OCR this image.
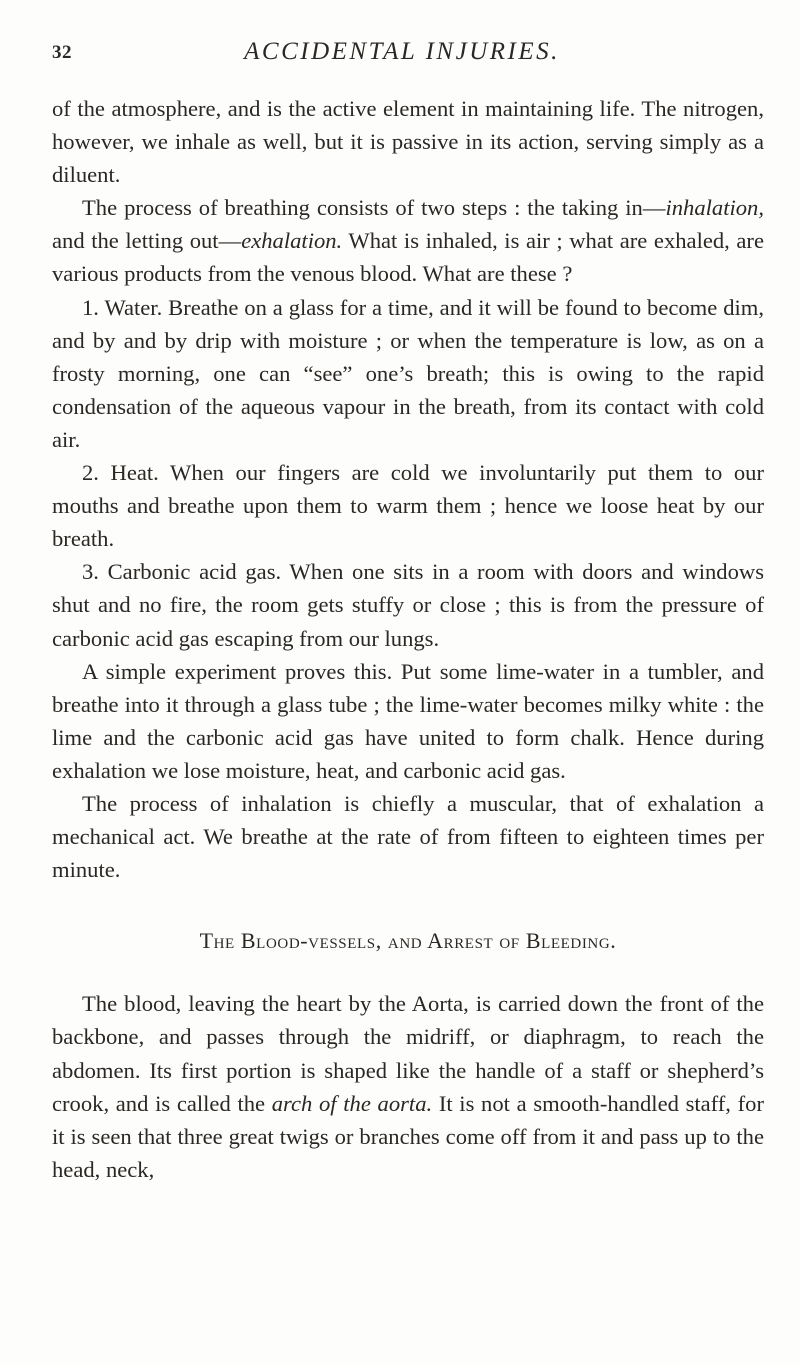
32	ACCIDENTAL INJURIES.

of the atmosphere, and is the active element in maintaining life. The nitrogen, however, we inhale as well, but it is passive in its action, serving simply as a diluent.

The process of breathing consists of two steps : the taking in—inhalation, and the letting out—exhalation. What is inhaled, is air ; what are exhaled, are various products from the venous blood. What are these ?

1. Water. Breathe on a glass for a time, and it will be found to become dim, and by and by drip with moisture ; or when the temperature is low, as on a frosty morning, one can “see” one’s breath; this is owing to the rapid condensation of the aqueous vapour in the breath, from its contact with cold air.

2. Heat. When our fingers are cold we involuntarily put them to our mouths and breathe upon them to warm them ; hence we loose heat by our breath.

3. Carbonic acid gas. When one sits in a room with doors and windows shut and no fire, the room gets stuffy or close ; this is from the pressure of carbonic acid gas escaping from our lungs.

A simple experiment proves this. Put some lime-water in a tumbler, and breathe into it through a glass tube ; the lime-water becomes milky white : the lime and the carbonic acid gas have united to form chalk. Hence during exhalation we lose moisture, heat, and carbonic acid gas.

The process of inhalation is chiefly a muscular, that of exhalation a mechanical act. We breathe at the rate of from fifteen to eighteen times per minute.

The Blood-vessels, and Arrest of Bleeding.

The blood, leaving the heart by the Aorta, is carried down the front of the backbone, and passes through the midriff, or diaphragm, to reach the abdomen. Its first portion is shaped like the handle of a staff or shepherd’s crook, and is called the arch of the aorta. It is not a smooth-handled staff, for it is seen that three great twigs or branches come off from it and pass up to the head, neck,
